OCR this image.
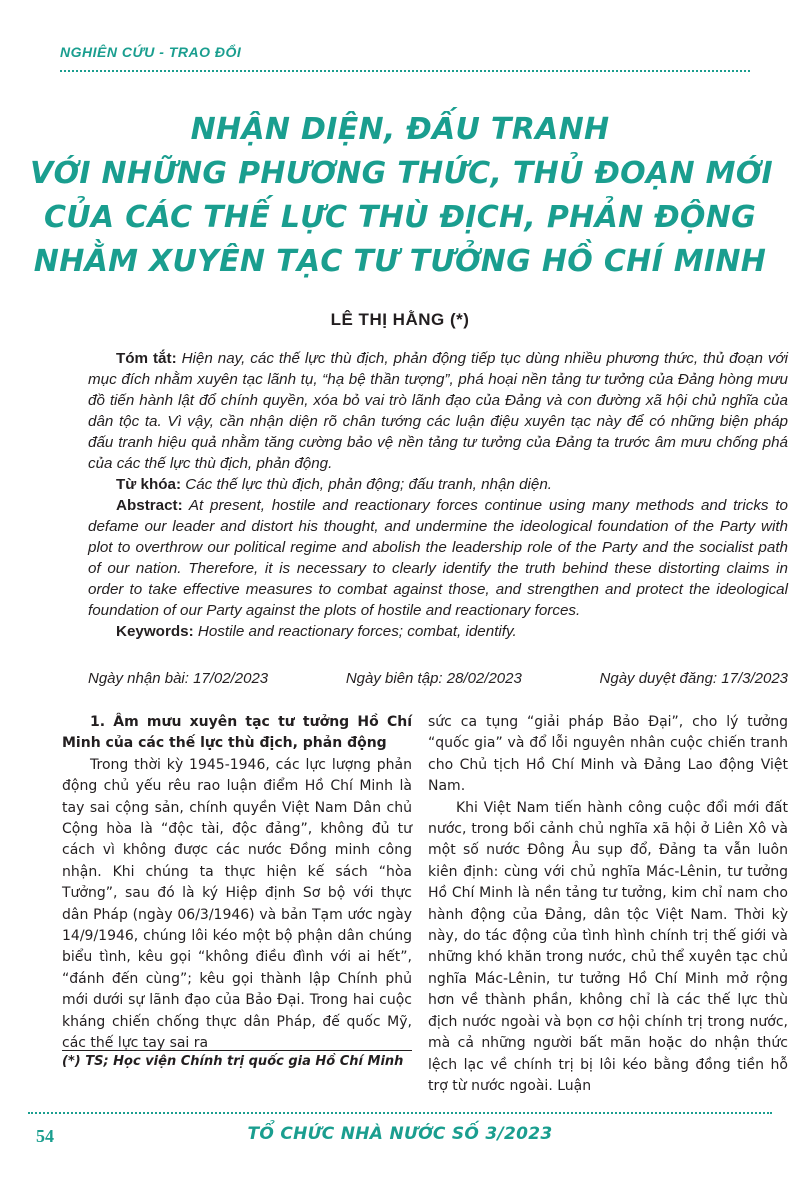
NGHIÊN CỨU - TRAO ĐỔI
NHẬN DIỆN, ĐẤU TRANH
VỚI NHỮNG PHƯƠNG THỨC, THỦ ĐOẠN MỚI
CỦA CÁC THẾ LỰC THÙ ĐỊCH, PHẢN ĐỘNG
NHẰM XUYÊN TẠC TƯ TƯỞNG HỒ CHÍ MINH
LÊ THỊ HẰNG (*)

Tóm tắt: Hiện nay, các thế lực thù địch, phản động tiếp tục dùng nhiều phương thức, thủ đoạn với mục đích nhằm xuyên tạc lãnh tụ, “hạ bệ thần tượng”, phá hoại nền tảng tư tưởng của Đảng hòng mưu đồ tiến hành lật đổ chính quyền, xóa bỏ vai trò lãnh đạo của Đảng và con đường xã hội chủ nghĩa của dân tộc ta. Vì vậy, cần nhận diện rõ chân tướng các luận điệu xuyên tạc này để có những biện pháp đấu tranh hiệu quả nhằm tăng cường bảo vệ nền tảng tư tưởng của Đảng ta trước âm mưu chống phá của các thế lực thù địch, phản động.

Từ khóa: Các thế lực thù địch, phản động; đấu tranh, nhận diện.

Abstract: At present, hostile and reactionary forces continue using many methods and tricks to defame our leader and distort his thought, and undermine the ideological foundation of the Party with plot to overthrow our political regime and abolish the leadership role of the Party and the socialist path of our nation. Therefore, it is necessary to clearly identify the truth behind these distorting claims in order to take effective measures to combat against those, and strengthen and protect the ideological foundation of our Party against the plots of hostile and reactionary forces.

Keywords: Hostile and reactionary forces; combat, identify.

Ngày nhận bài: 17/02/2023	Ngày biên tập: 28/02/2023	Ngày duyệt đăng: 17/3/2023

1. Âm mưu xuyên tạc tư tưởng Hồ Chí Minh của các thế lực thù địch, phản động

Trong thời kỳ 1945-1946, các lực lượng phản động chủ yếu rêu rao luận điểm Hồ Chí Minh là tay sai cộng sản, chính quyền Việt Nam Dân chủ Cộng hòa là “độc tài, độc đảng”, không đủ tư cách vì không được các nước Đồng minh công nhận. Khi chúng ta thực hiện kế sách “hòa Tưởng”, sau đó là ký Hiệp định Sơ bộ với thực dân Pháp (ngày 06/3/1946) và bản Tạm ước ngày 14/9/1946, chúng lôi kéo một bộ phận dân chúng biểu tình, kêu gọi “không điều đình với ai hết”, “đánh đến cùng”; kêu gọi thành lập Chính phủ mới dưới sự lãnh đạo của Bảo Đại. Trong hai cuộc kháng chiến chống thực dân Pháp, đế quốc Mỹ, các thế lực tay sai ra

sức ca tụng “giải pháp Bảo Đại”, cho lý tưởng “quốc gia” và đổ lỗi nguyên nhân cuộc chiến tranh cho Chủ tịch Hồ Chí Minh và Đảng Lao động Việt Nam.

Khi Việt Nam tiến hành công cuộc đổi mới đất nước, trong bối cảnh chủ nghĩa xã hội ở Liên Xô và một số nước Đông Âu sụp đổ, Đảng ta vẫn luôn kiên định: cùng với chủ nghĩa Mác-Lênin, tư tưởng Hồ Chí Minh là nền tảng tư tưởng, kim chỉ nam cho hành động của Đảng, dân tộc Việt Nam. Thời kỳ này, do tác động của tình hình chính trị thế giới và những khó khăn trong nước, chủ thể xuyên tạc chủ nghĩa Mác-Lênin, tư tưởng Hồ Chí Minh mở rộng hơn về thành phần, không chỉ là các thế lực thù địch nước ngoài và bọn cơ hội chính trị trong nước, mà cả những người bất mãn hoặc do nhận thức lệch lạc về chính trị bị lôi kéo bằng đồng tiền hỗ trợ từ nước ngoài. Luận

(*) TS; Học viện Chính trị quốc gia Hồ Chí Minh
54	TỔ CHỨC NHÀ NƯỚC SỐ 3/2023
